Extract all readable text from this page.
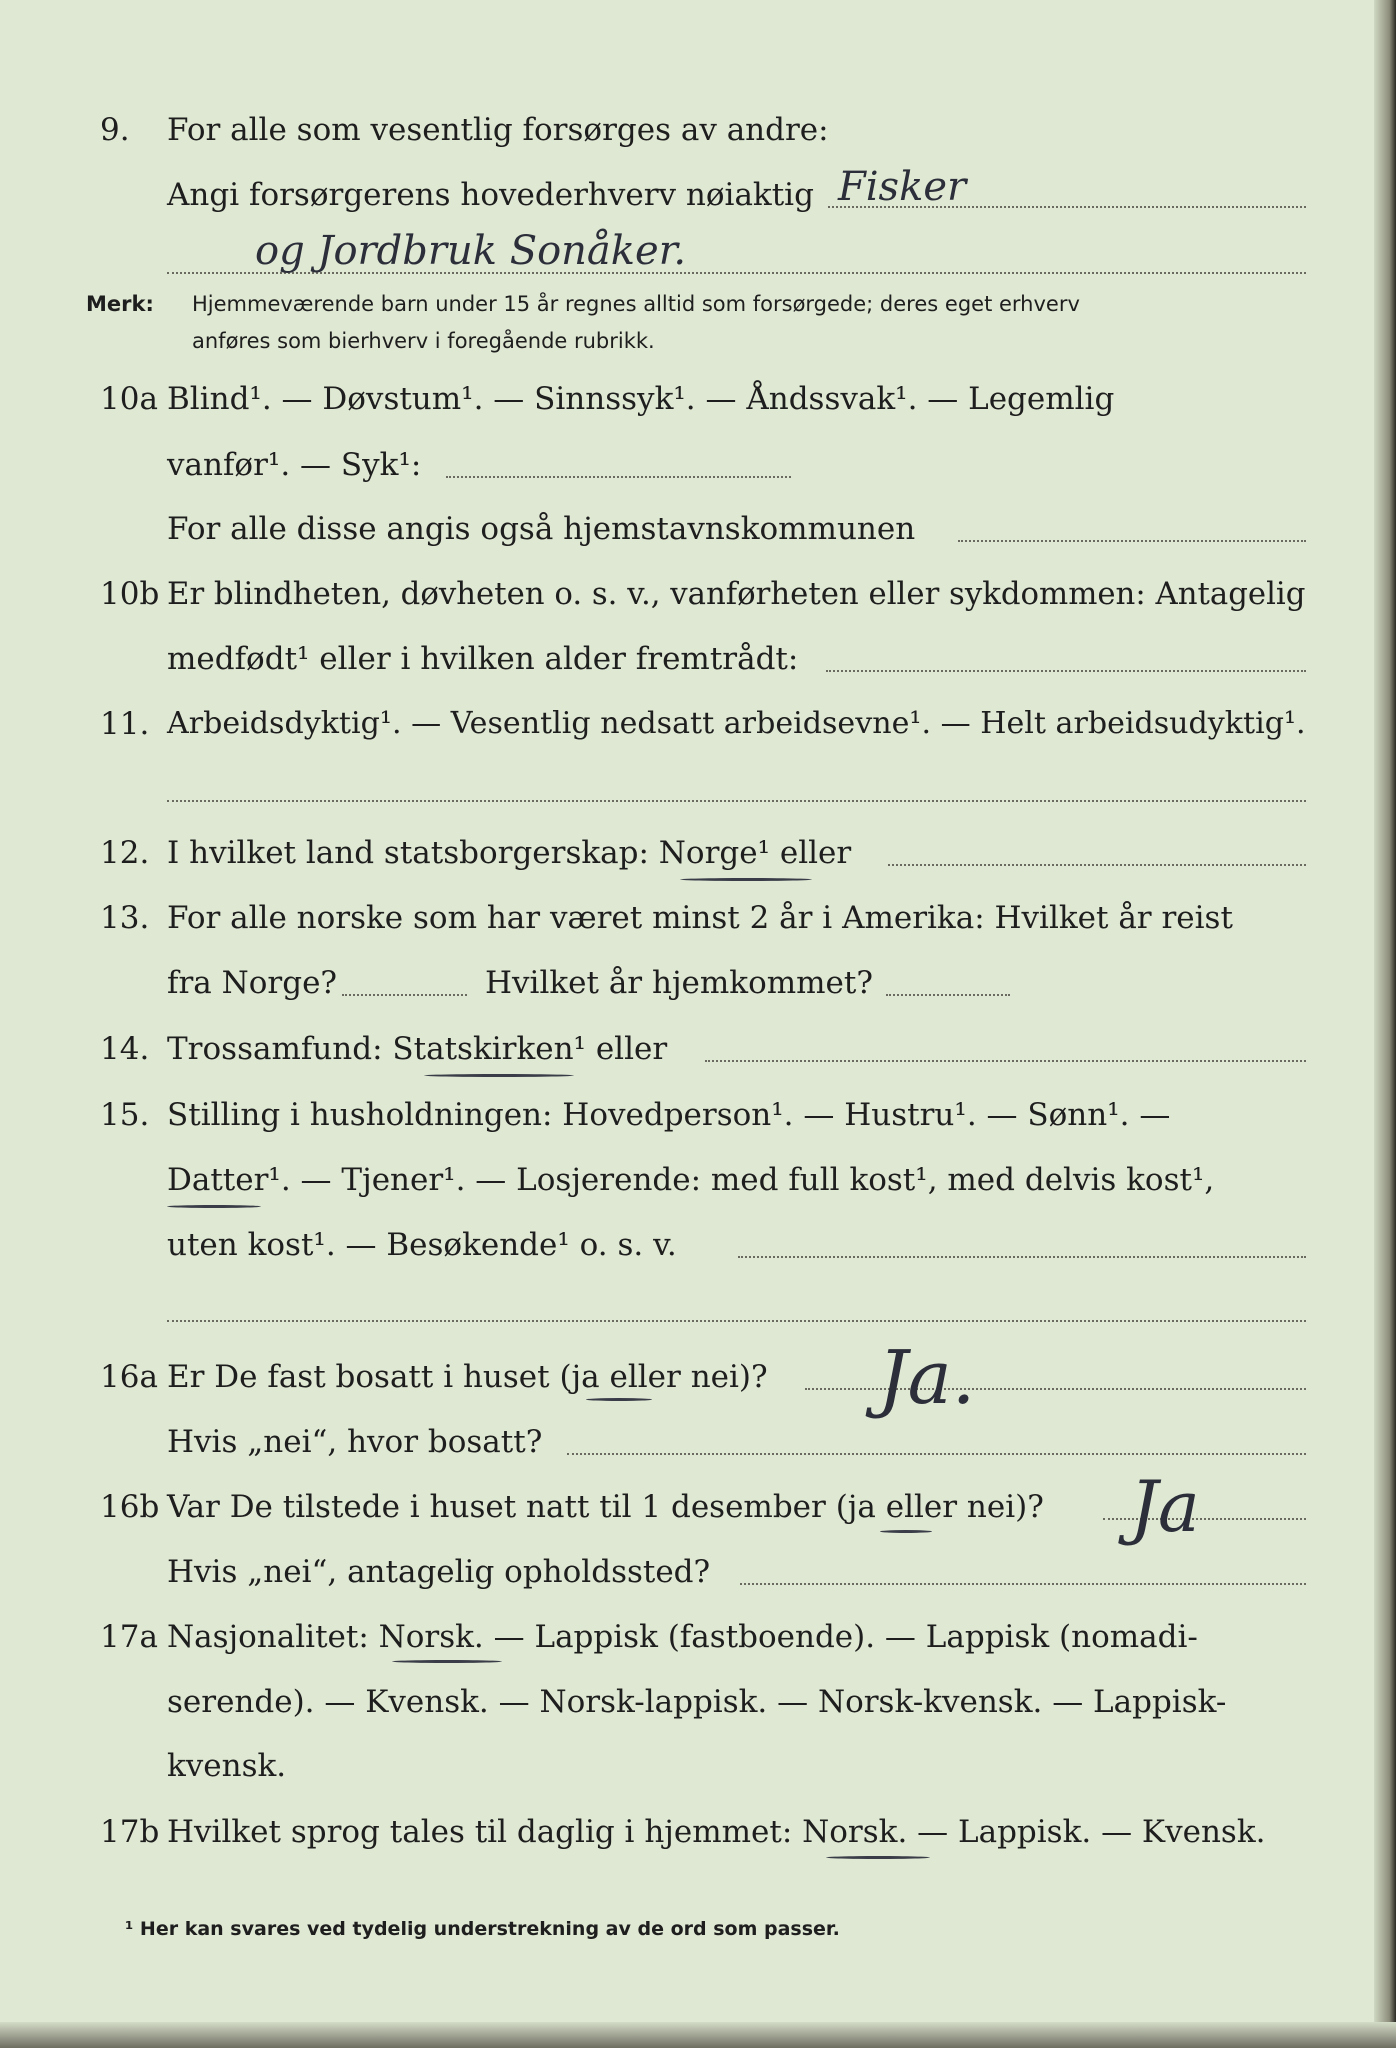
9. For alle som vesentlig forsørges av andre:
Angi forsørgerens hovederhverv nøiaktig Fisker
og Jordbruk Sonåker.
Merk: Hjemmeværende barn under 15 år regnes alltid som forsørgede; deres eget erhverv
anføres som bierhverv i foregående rubrikk.
10a Blind¹. — Døvstum¹. — Sinnssyk¹. — Åndssvak¹. — Legemlig
vanfør¹. — Syk¹:
For alle disse angis også hjemstavnskommunen
10b Er blindheten, døvheten o. s. v., vanførheten eller sykdommen: Antagelig
medfødt¹ eller i hvilken alder fremtrådt:
11. Arbeidsdyktig¹. — Vesentlig nedsatt arbeidsevne¹. — Helt arbeidsudyktig¹.
12. I hvilket land statsborgerskap: Norge¹ eller
13. For alle norske som har været minst 2 år i Amerika: Hvilket år reist
fra Norge?	Hvilket år hjemkommet?
14. Trossamfund: Statskirken¹ eller
15. Stilling i husholdningen: Hovedperson¹. — Hustru¹. — Sønn¹. —
Datter¹. — Tjener¹. — Losjerende: med full kost¹, med delvis kost¹,
uten kost¹. — Besøkende¹ o. s. v.
16a Er De fast bosatt i huset (ja eller nei)? Ja.
Hvis „nei“, hvor bosatt?
16b Var De tilstede i huset natt til 1 desember (ja eller nei)? Ja
Hvis „nei“, antagelig opholdssted?
17a Nasjonalitet: Norsk. — Lappisk (fastboende). — Lappisk (nomadi-
serende). — Kvensk. — Norsk-lappisk. — Norsk-kvensk. — Lappisk-
kvensk.
17b Hvilket sprog tales til daglig i hjemmet: Norsk. — Lappisk. — Kvensk.
¹ Her kan svares ved tydelig understrekning av de ord som passer.
